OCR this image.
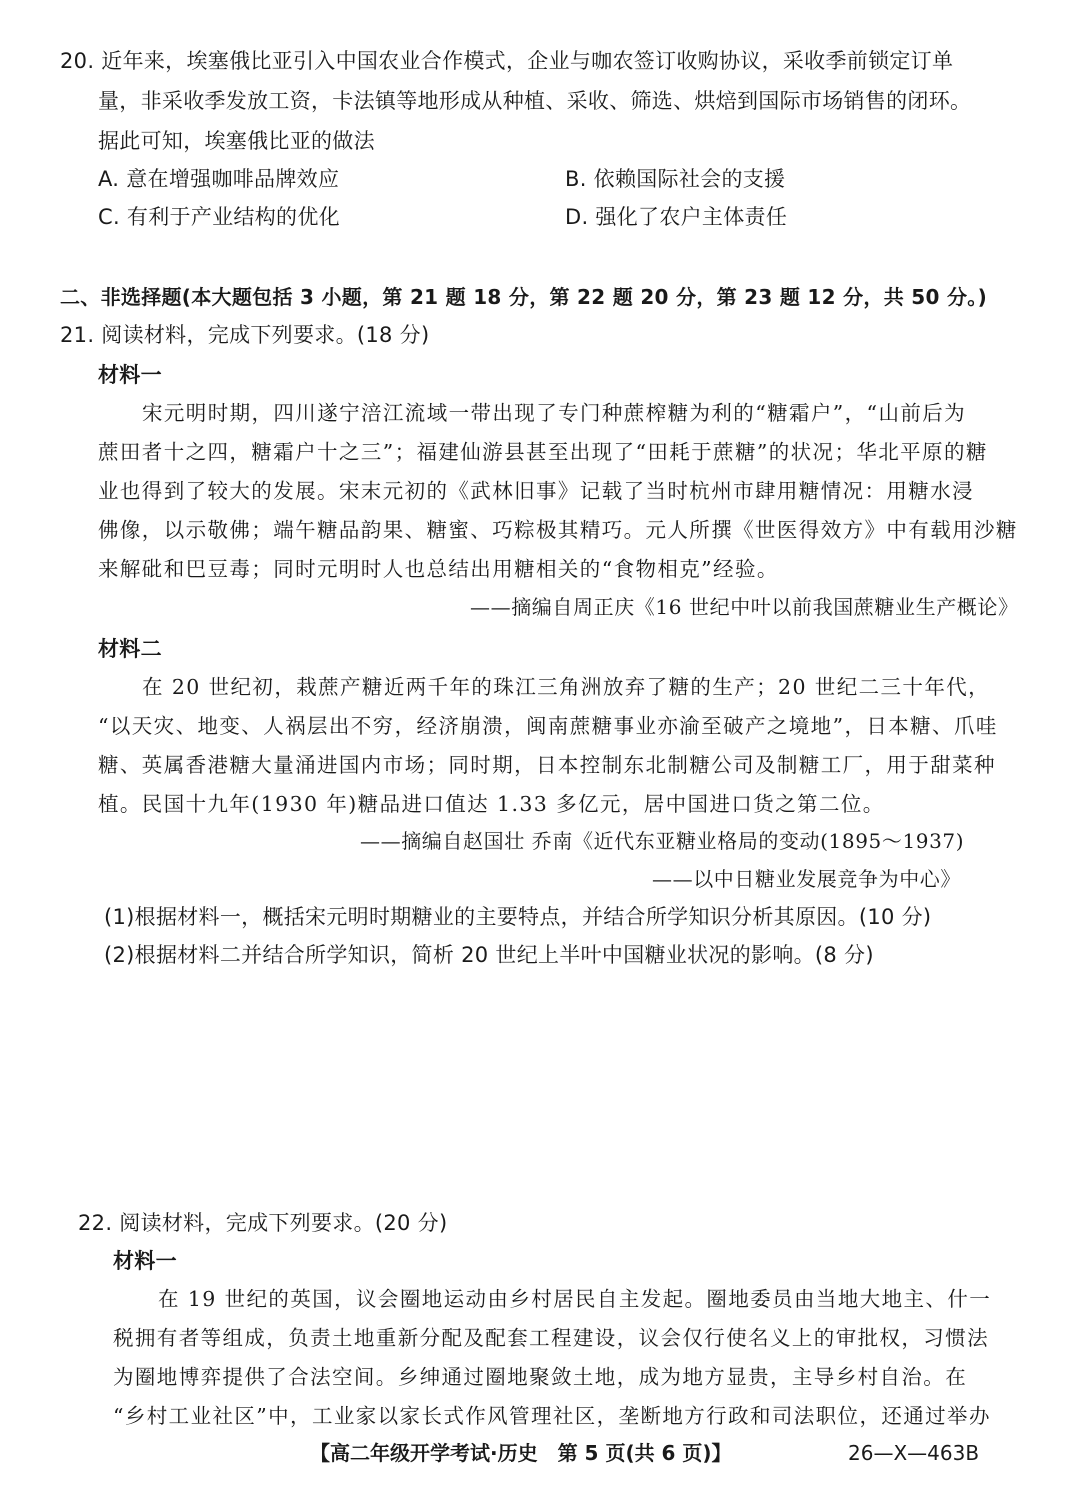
20. 近年来，埃塞俄比亚引入中国农业合作模式，企业与咖农签订收购协议，采收季前锁定订单
量，非采收季发放工资，卡法镇等地形成从种植、采收、筛选、烘焙到国际市场销售的闭环。
据此可知，埃塞俄比亚的做法
A. 意在增强咖啡品牌效应	B. 依赖国际社会的支援
C. 有利于产业结构的优化	D. 强化了农户主体责任
二、非选择题(本大题包括 3 小题，第 21 题 18 分，第 22 题 20 分，第 23 题 12 分，共 50 分。)
21. 阅读材料，完成下列要求。(18 分)
材料一
宋元明时期，四川遂宁涪江流域一带出现了专门种蔗榨糖为利的“糖霜户”，“山前后为
蔗田者十之四，糖霜户十之三”；福建仙游县甚至出现了“田耗于蔗糖”的状况；华北平原的糖
业也得到了较大的发展。宋末元初的《武林旧事》记载了当时杭州市肆用糖情况：用糖水浸
佛像，以示敬佛；端午糖品韵果、糖蜜、巧粽极其精巧。元人所撰《世医得效方》中有载用沙糖
来解砒和巴豆毒；同时元明时人也总结出用糖相关的“食物相克”经验。
——摘编自周正庆《16 世纪中叶以前我国蔗糖业生产概论》
材料二
在 20 世纪初，栽蔗产糖近两千年的珠江三角洲放弃了糖的生产；20 世纪二三十年代，
“以天灾、地变、人祸层出不穷，经济崩溃，闽南蔗糖事业亦渝至破产之境地”，日本糖、爪哇
糖、英属香港糖大量涌进国内市场；同时期，日本控制东北制糖公司及制糖工厂，用于甜菜种
植。民国十九年(1930 年)糖品进口值达 1.33 多亿元，居中国进口货之第二位。
——摘编自赵国壮 乔南《近代东亚糖业格局的变动(1895～1937)
——以中日糖业发展竞争为中心》
(1)根据材料一，概括宋元明时期糖业的主要特点，并结合所学知识分析其原因。(10 分)
(2)根据材料二并结合所学知识，简析 20 世纪上半叶中国糖业状况的影响。(8 分)
22. 阅读材料，完成下列要求。(20 分)
材料一
在 19 世纪的英国，议会圈地运动由乡村居民自主发起。圈地委员由当地大地主、什一
税拥有者等组成，负责土地重新分配及配套工程建设，议会仅行使名义上的审批权，习惯法
为圈地博弈提供了合法空间。乡绅通过圈地聚敛土地，成为地方显贵，主导乡村自治。在
“乡村工业社区”中，工业家以家长式作风管理社区，垄断地方行政和司法职位，还通过举办
【高二年级开学考试·历史　第 5 页(共 6 页)】	26—X—463B
